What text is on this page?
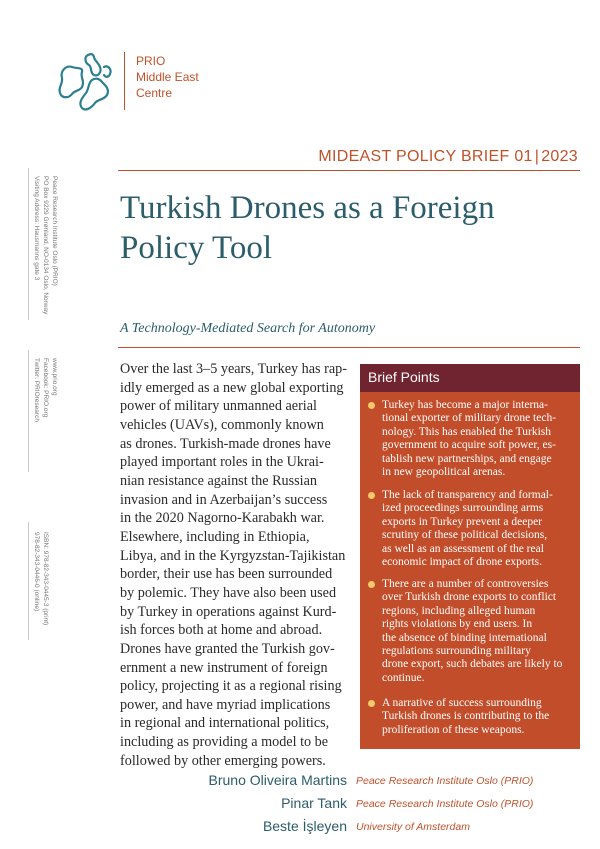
PRIO
Middle East
Centre
Peace Research Institute Oslo (PRIO)
PO Box 9229 Grønland, NO-0134 Oslo, Norway
Visiting Address: Hausmanns gate 3
www.prio.org
Facebook: PRIO.org
Twitter: PRIOresearch
ISBN: 978-82-343-0445-3 (print)
978-82-343-0446-0 (online)
MIDEAST POLICY BRIEF 01 | 2023
Turkish Drones as a Foreign Policy Tool
A Technology-Mediated Search for Autonomy
Over the last 3–5 years, Turkey has rap-
idly emerged as a new global exporting
power of military unmanned aerial
vehicles (UAVs), commonly known
as drones. Turkish-made drones have
played important roles in the Ukrai-
nian resistance against the Russian
invasion and in Azerbaijan’s success
in the 2020 Nagorno-Karabakh war.
Elsewhere, including in Ethiopia,
Libya, and in the Kyrgyzstan-Tajikistan
border, their use has been surrounded
by polemic. They have also been used
by Turkey in operations against Kurd-
ish forces both at home and abroad.
Drones have granted the Turkish gov-
ernment a new instrument of foreign
policy, projecting it as a regional rising
power, and have myriad implications
in regional and international politics,
including as providing a model to be
followed by other emerging powers.
Brief Points
Turkey has become a major interna-
tional exporter of military drone tech-
nology. This has enabled the Turkish
government to acquire soft power, es-
tablish new partnerships, and engage
in new geopolitical arenas.
The lack of transparency and formal-
ized proceedings surrounding arms
exports in Turkey prevent a deeper
scrutiny of these political decisions,
as well as an assessment of the real
economic impact of drone exports.
There are a number of controversies
over Turkish drone exports to conflict
regions, including alleged human
rights violations by end users. In
the absence of binding international
regulations surrounding military
drone export, such debates are likely to
continue.
A narrative of success surrounding
Turkish drones is contributing to the
proliferation of these weapons.
Bruno Oliveira Martins Peace Research Institute Oslo (PRIO)
Pinar Tank Peace Research Institute Oslo (PRIO)
Beste İşleyen University of Amsterdam
